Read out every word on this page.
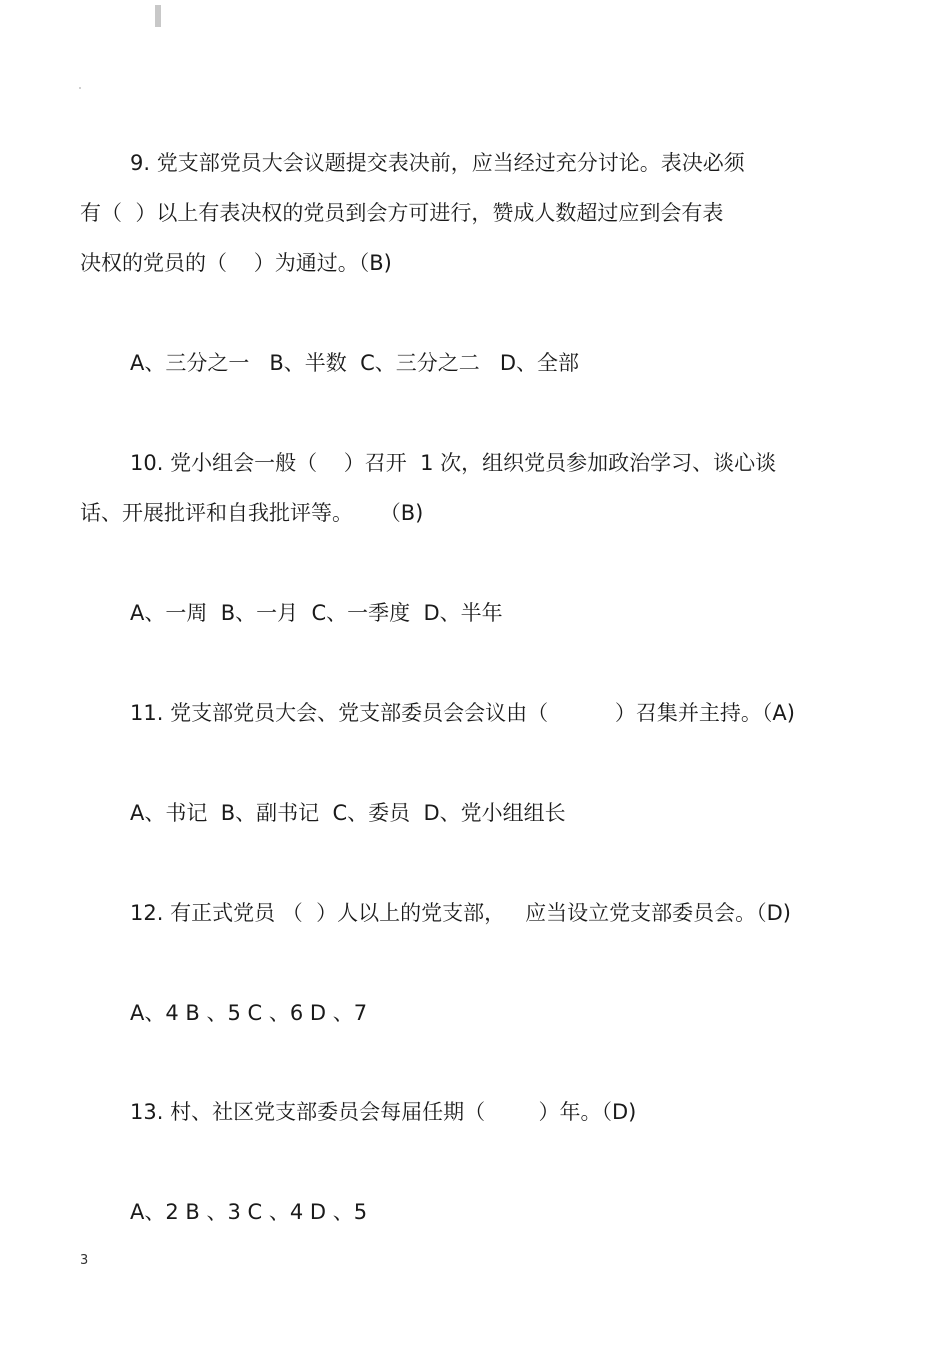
9. 党支部党员大会议题提交表决前，应当经过充分讨论。表决必须
有（  ）以上有表决权的党员到会方可进行，赞成人数超过应到会有表
决权的党员的（    ）为通过。（B)
A、三分之一   B、半数  C、三分之二   D、全部
10. 党小组会一般（    ）召开  1 次，组织党员参加政治学习、谈心谈
话、开展批评和自我批评等。    （B)
A、一周  B、一月  C、一季度  D、半年
11. 党支部党员大会、党支部委员会会议由（          ）召集并主持。（A)
A、书记  B、副书记  C、委员  D、党小组组长
12. 有正式党员 （  ）人以上的党支部，   应当设立党支部委员会。（D)
A、4 B 、5 C 、6 D 、7
13. 村、社区党支部委员会每届任期（        ）年。（D)
A、2 B 、3 C 、4 D 、5
3
